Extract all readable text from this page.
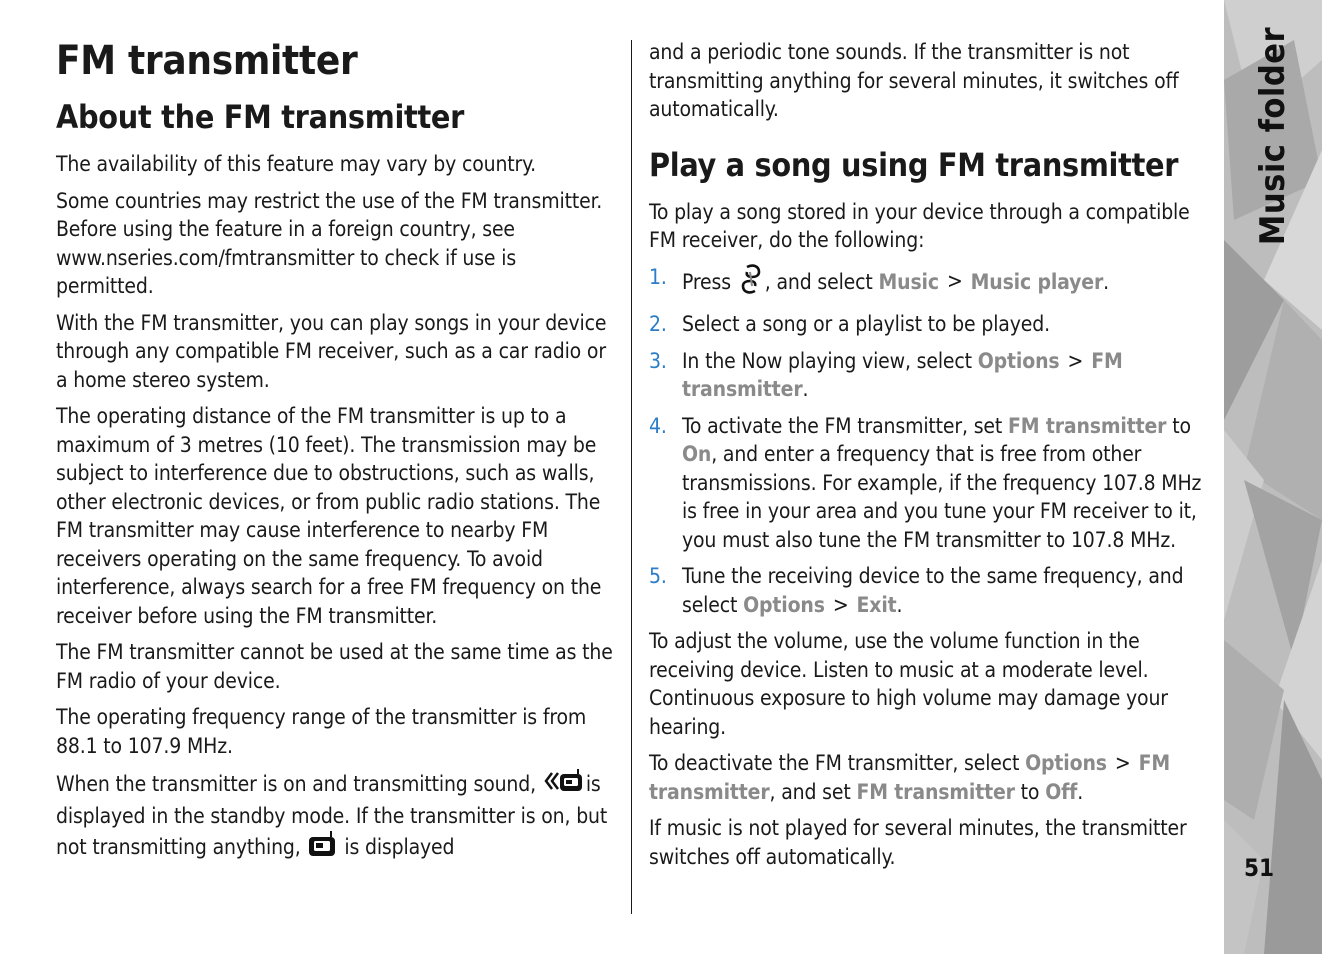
FM transmitter
About the FM transmitter

The availability of this feature may vary by country.

Some countries may restrict the use of the FM transmitter. Before using the feature in a foreign country, see www.nseries.com/fmtransmitter to check if use is permitted.

With the FM transmitter, you can play songs in your device through any compatible FM receiver, such as a car radio or a home stereo system.

The operating distance of the FM transmitter is up to a maximum of 3 metres (10 feet). The transmission may be subject to interference due to obstructions, such as walls, other electronic devices, or from public radio stations. The FM transmitter may cause interference to nearby FM receivers operating on the same frequency. To avoid interference, always search for a free FM frequency on the receiver before using the FM transmitter.

The FM transmitter cannot be used at the same time as the FM radio of your device.

The operating frequency range of the transmitter is from 88.1 to 107.9 MHz.

When the transmitter is on and transmitting sound, is displayed in the standby mode. If the transmitter is on, but not transmitting anything, is displayed

and a periodic tone sounds. If the transmitter is not transmitting anything for several minutes, it switches off automatically.

Play a song using FM transmitter

To play a song stored in your device through a compatible FM receiver, do the following:

1. Press , and select Music > Music player.
2. Select a song or a playlist to be played.
3. In the Now playing view, select Options > FM transmitter.
4. To activate the FM transmitter, set FM transmitter to On, and enter a frequency that is free from other transmissions. For example, if the frequency 107.8 MHz is free in your area and you tune your FM receiver to it, you must also tune the FM transmitter to 107.8 MHz.
5. Tune the receiving device to the same frequency, and select Options > Exit.

To adjust the volume, use the volume function in the receiving device. Listen to music at a moderate level. Continuous exposure to high volume may damage your hearing.

To deactivate the FM transmitter, select Options > FM transmitter, and set FM transmitter to Off.

If music is not played for several minutes, the transmitter switches off automatically.

Music folder
51
